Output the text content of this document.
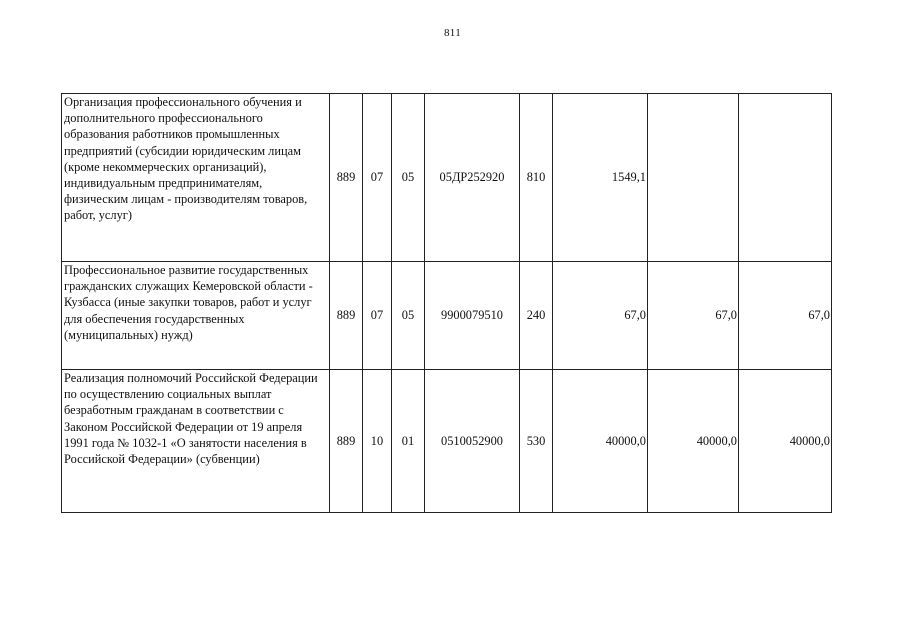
811
Организация профессионального обучения и дополнительного профессионального образования работников промышленных предприятий (субсидии юридическим лицам (кроме некоммерческих организаций), индивидуальным предпринимателям, физическим лицам - производителям товаров, работ, услуг)	889	07	05	05ДР252920	810	1549,1		
Профессиональное развитие государственных гражданских служащих Кемеровской области - Кузбасса (иные закупки товаров, работ и услуг для обеспечения государственных (муниципальных) нужд)	889	07	05	9900079510	240	67,0	67,0	67,0
Реализация полномочий Российской Федерации по осуществлению социальных выплат безработным гражданам в соответствии с Законом Российской Федерации от 19 апреля 1991 года № 1032-1 «О занятости населения в Российской Федерации» (субвенции)	889	10	01	0510052900	530	40000,0	40000,0	40000,0
